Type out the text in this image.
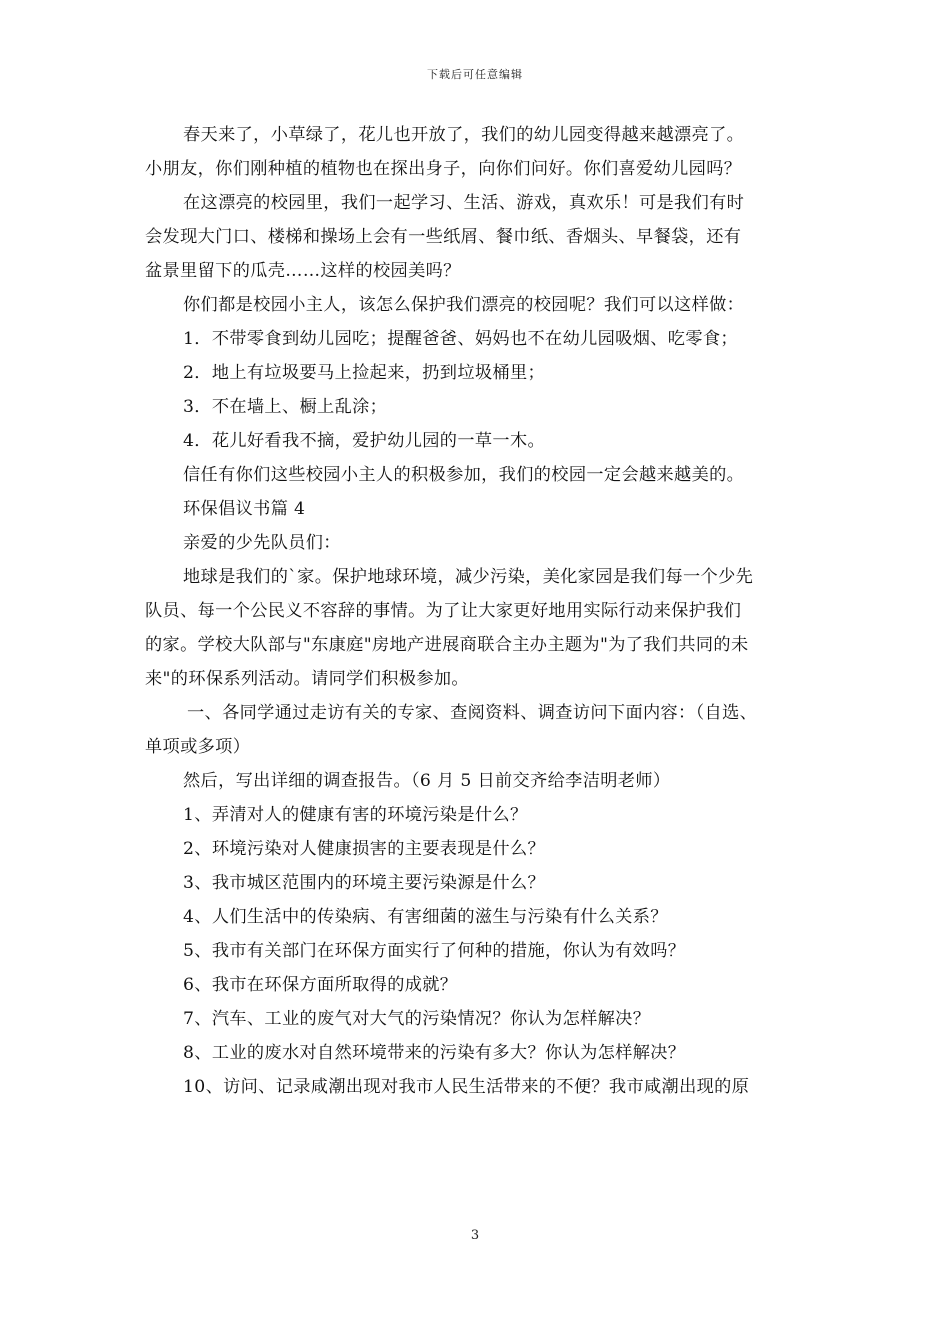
下载后可任意编辑
春天来了，小草绿了，花儿也开放了，我们的幼儿园变得越来越漂亮了。
小朋友，你们刚种植的植物也在探出身子，向你们问好。你们喜爱幼儿园吗？
在这漂亮的校园里，我们一起学习、生活、游戏，真欢乐！可是我们有时
会发现大门口、楼梯和操场上会有一些纸屑、餐巾纸、香烟头、早餐袋，还有
盆景里留下的瓜壳……这样的校园美吗？
你们都是校园小主人，该怎么保护我们漂亮的校园呢？我们可以这样做：
1．不带零食到幼儿园吃；提醒爸爸、妈妈也不在幼儿园吸烟、吃零食；
2．地上有垃圾要马上捡起来，扔到垃圾桶里；
3．不在墙上、橱上乱涂；
4．花儿好看我不摘，爱护幼儿园的一草一木。
信任有你们这些校园小主人的积极参加，我们的校园一定会越来越美的。
环保倡议书篇 4
亲爱的少先队员们：
地球是我们的`家。保护地球环境，减少污染，美化家园是我们每一个少先
队员、每一个公民义不容辞的事情。为了让大家更好地用实际行动来保护我们
的家。学校大队部与"东康庭"房地产进展商联合主办主题为"为了我们共同的未
来"的环保系列活动。请同学们积极参加。
一、各同学通过走访有关的专家、查阅资料、调查访问下面内容：（自选、
单项或多项）
然后，写出详细的调查报告。（6 月 5 日前交齐给李洁明老师）
1、弄清对人的健康有害的环境污染是什么？
2、环境污染对人健康损害的主要表现是什么？
3、我市城区范围内的环境主要污染源是什么？
4、人们生活中的传染病、有害细菌的滋生与污染有什么关系？
5、我市有关部门在环保方面实行了何种的措施，你认为有效吗？
6、我市在环保方面所取得的成就？
7、汽车、工业的废气对大气的污染情况？你认为怎样解决？
8、工业的废水对自然环境带来的污染有多大？你认为怎样解决？
10、访问、记录咸潮出现对我市人民生活带来的不便？我市咸潮出现的原
3
